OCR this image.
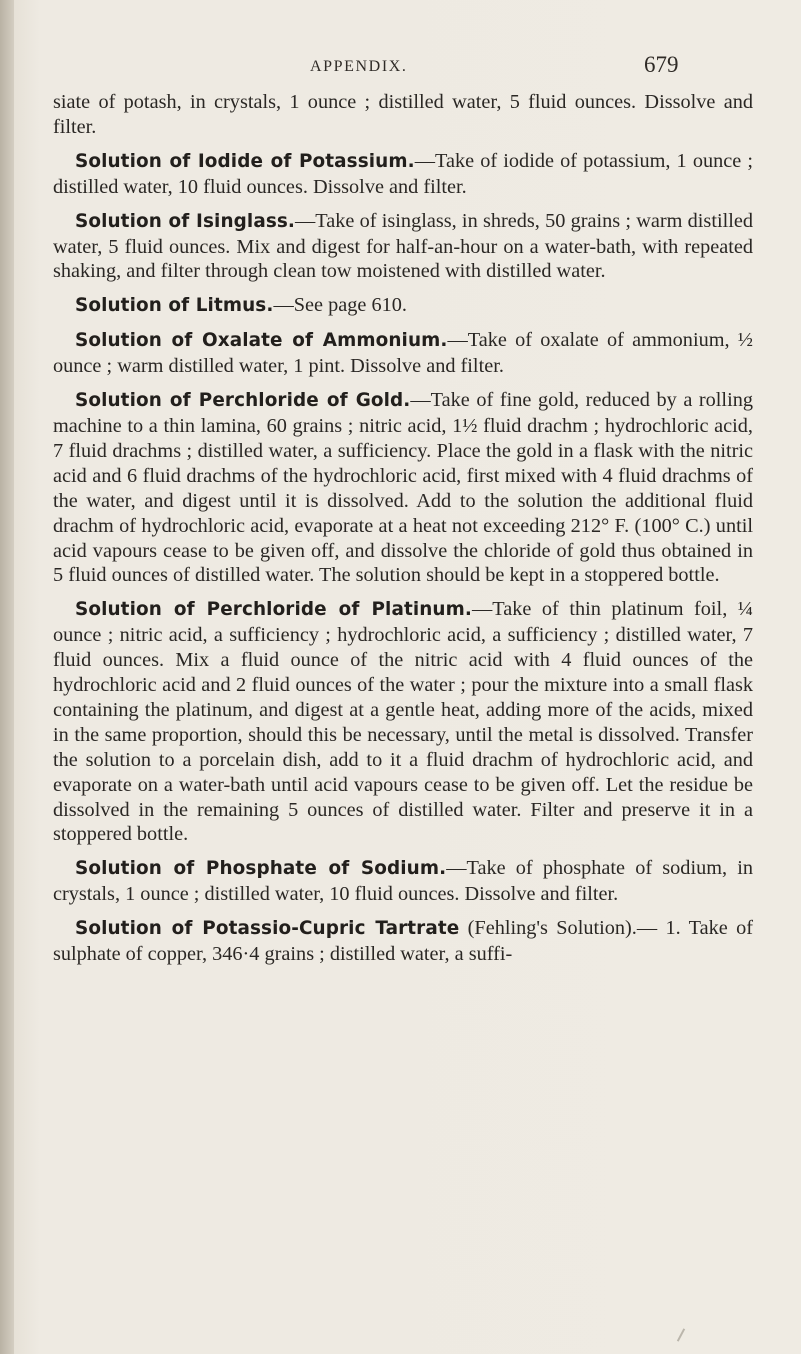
APPENDIX.	679

siate of potash, in crystals, 1 ounce ; distilled water, 5 fluid ounces. Dissolve and filter.

Solution of Iodide of Potassium.—Take of iodide of potassium, 1 ounce ; distilled water, 10 fluid ounces. Dissolve and filter.

Solution of Isinglass.—Take of isinglass, in shreds, 50 grains ; warm distilled water, 5 fluid ounces. Mix and digest for half-an-hour on a water-bath, with repeated shaking, and filter through clean tow moistened with distilled water.

Solution of Litmus.—See page 610.

Solution of Oxalate of Ammonium.—Take of oxalate of ammonium, ½ ounce ; warm distilled water, 1 pint. Dissolve and filter.

Solution of Perchloride of Gold.—Take of fine gold, reduced by a rolling machine to a thin lamina, 60 grains ; nitric acid, 1½ fluid drachm ; hydrochloric acid, 7 fluid drachms ; distilled water, a sufficiency. Place the gold in a flask with the nitric acid and 6 fluid drachms of the hydrochloric acid, first mixed with 4 fluid drachms of the water, and digest until it is dissolved. Add to the solution the additional fluid drachm of hydrochloric acid, evaporate at a heat not exceeding 212° F. (100° C.) until acid vapours cease to be given off, and dissolve the chloride of gold thus obtained in 5 fluid ounces of distilled water. The solution should be kept in a stoppered bottle.

Solution of Perchloride of Platinum.—Take of thin platinum foil, ¼ ounce ; nitric acid, a sufficiency ; hydrochloric acid, a sufficiency ; distilled water, 7 fluid ounces. Mix a fluid ounce of the nitric acid with 4 fluid ounces of the hydrochloric acid and 2 fluid ounces of the water ; pour the mixture into a small flask containing the platinum, and digest at a gentle heat, adding more of the acids, mixed in the same proportion, should this be necessary, until the metal is dissolved. Transfer the solution to a porcelain dish, add to it a fluid drachm of hydrochloric acid, and evaporate on a water-bath until acid vapours cease to be given off. Let the residue be dissolved in the remaining 5 ounces of distilled water. Filter and preserve it in a stoppered bottle.

Solution of Phosphate of Sodium.—Take of phosphate of sodium, in crystals, 1 ounce ; distilled water, 10 fluid ounces. Dissolve and filter.

Solution of Potassio-Cupric Tartrate (Fehling's Solution).— 1. Take of sulphate of copper, 346·4 grains ; distilled water, a suffi-
